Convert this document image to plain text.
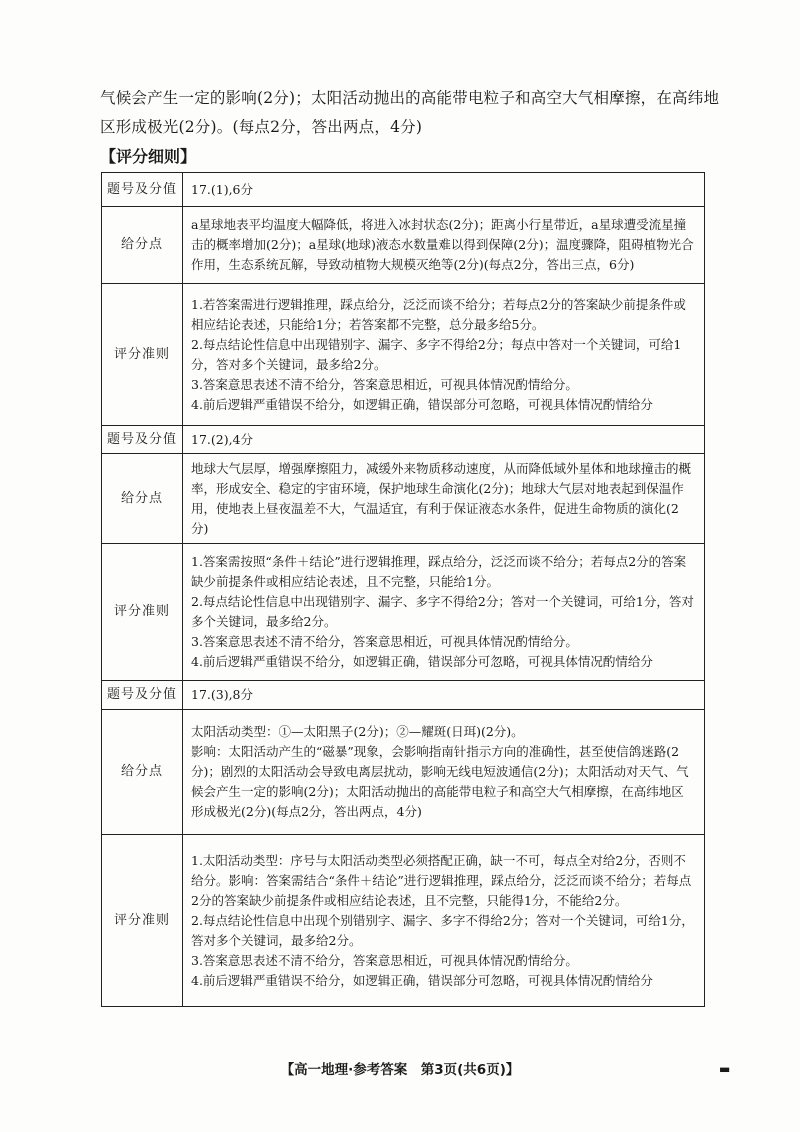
气候会产生一定的影响(2分)；太阳活动抛出的高能带电粒子和高空大气相摩擦，在高纬地区形成极光(2分)。(每点2分，答出两点，4分)
【评分细则】
题号及分值	17.(1),6分
给分点	a星球地表平均温度大幅降低，将进入冰封状态(2分)；距离小行星带近，a星球遭受流星撞击的概率增加(2分)；a星球(地球)液态水数量难以得到保障(2分)；温度骤降，阻碍植物光合作用，生态系统瓦解，导致动植物大规模灭绝等(2分)(每点2分，答出三点，6分)

评分准则	1.若答案需进行逻辑推理，踩点给分，泛泛而谈不给分；若每点2分的答案缺少前提条件或相应结论表述，只能给1分；若答案都不完整，总分最多给5分。

2.每点结论性信息中出现错别字、漏字、多字不得给2分；每点中答对一个关键词，可给1分，答对多个关键词，最多给2分。

3.答案意思表述不清不给分，答案意思相近，可视具体情况酌情给分。

4.前后逻辑严重错误不给分，如逻辑正确，错误部分可忽略，可视具体情况酌情给分

题号及分值	17.(2),4分
给分点	地球大气层厚，增强摩擦阻力，减缓外来物质移动速度，从而降低域外星体和地球撞击的概率，形成安全、稳定的宇宙环境，保护地球生命演化(2分)；地球大气层对地表起到保温作用，使地表上昼夜温差不大，气温适宜，有利于保证液态水条件，促进生命物质的演化(2分)

评分准则	1.答案需按照“条件＋结论”进行逻辑推理，踩点给分，泛泛而谈不给分；若每点2分的答案缺少前提条件或相应结论表述，且不完整，只能给1分。

2.每点结论性信息中出现错别字、漏字、多字不得给2分；答对一个关键词，可给1分，答对多个关键词，最多给2分。

3.答案意思表述不清不给分，答案意思相近，可视具体情况酌情给分。

4.前后逻辑严重错误不给分，如逻辑正确，错误部分可忽略，可视具体情况酌情给分

题号及分值	17.(3),8分
给分点	太阳活动类型：①—太阳黑子(2分)；②—耀斑(日珥)(2分)。

影响：太阳活动产生的“磁暴”现象，会影响指南针指示方向的准确性，甚至使信鸽迷路(2分)；剧烈的太阳活动会导致电离层扰动，影响无线电短波通信(2分)；太阳活动对天气、气候会产生一定的影响(2分)；太阳活动抛出的高能带电粒子和高空大气相摩擦，在高纬地区形成极光(2分)(每点2分，答出两点，4分)

评分准则	1.太阳活动类型：序号与太阳活动类型必须搭配正确，缺一不可，每点全对给2分，否则不给分。影响：答案需结合“条件＋结论”进行逻辑推理，踩点给分，泛泛而谈不给分；若每点2分的答案缺少前提条件或相应结论表述，且不完整，只能得1分，不能给2分。

2.每点结论性信息中出现个别错别字、漏字、多字不得给2分；答对一个关键词，可给1分，答对多个关键词，最多给2分。

3.答案意思表述不清不给分，答案意思相近，可视具体情况酌情给分。

4.前后逻辑严重错误不给分，如逻辑正确，错误部分可忽略，可视具体情况酌情给分

【高一地理·参考答案　第3页(共6页)】	▬
